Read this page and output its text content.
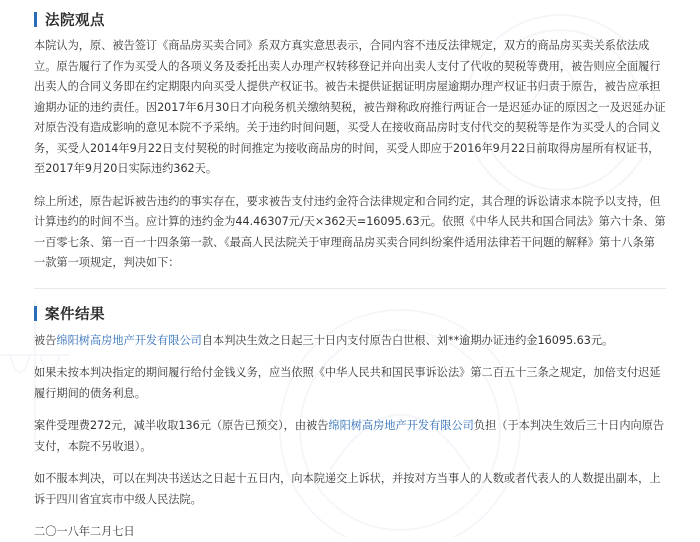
法院观点

本院认为，原、被告签订《商品房买卖合同》系双方真实意思表示，合同内容不违反法律规定，双方的商品房买卖关系依法成立。原告履行了作为买受人的各项义务及委托出卖人办理产权转移登记并向出卖人支付了代收的契税等费用，被告则应全面履行出卖人的合同义务即在约定期限内向买受人提供产权证书。被告未提供证据证明房屋逾期办理产权证书归责于原告，被告应承担逾期办证的违约责任。因2017年6月30日才向税务机关缴纳契税，被告辩称政府推行两证合一是迟延办证的原因之一及迟延办证对原告没有造成影响的意见本院不予采纳。关于违约时间问题，买受人在接收商品房时支付代交的契税等是作为买受人的合同义务，买受人2014年9月22日支付契税的时间推定为接收商品房的时间，买受人即应于2016年9月22日前取得房屋所有权证书，至2017年9月20日实际违约362天。

综上所述，原告起诉被告违约的事实存在，要求被告支付违约金符合法律规定和合同约定，其合理的诉讼请求本院予以支持，但计算违约的时间不当。应计算的违约金为44.46307元/天×362天=16095.63元。依照《中华人民共和国合同法》第六十条、第一百零七条、第一百一十四条第一款、《最高人民法院关于审理商品房买卖合同纠纷案件适用法律若干问题的解释》第十八条第一款第一项规定，判决如下：

案件结果

被告绵阳树高房地产开发有限公司自本判决生效之日起三十日内支付原告白世根、刘**逾期办证违约金16095.63元。

如果未按本判决指定的期间履行给付金钱义务，应当依照《中华人民共和国民事诉讼法》第二百五十三条之规定，加倍支付迟延履行期间的债务利息。

案件受理费272元，减半收取136元（原告已预交），由被告绵阳树高房地产开发有限公司负担（于本判决生效后三十日内向原告支付，本院不另收退）。

如不服本判决，可以在判决书送达之日起十五日内，向本院递交上诉状，并按对方当事人的人数或者代表人的人数提出副本，上诉于四川省宜宾市中级人民法院。

二〇一八年二月七日
